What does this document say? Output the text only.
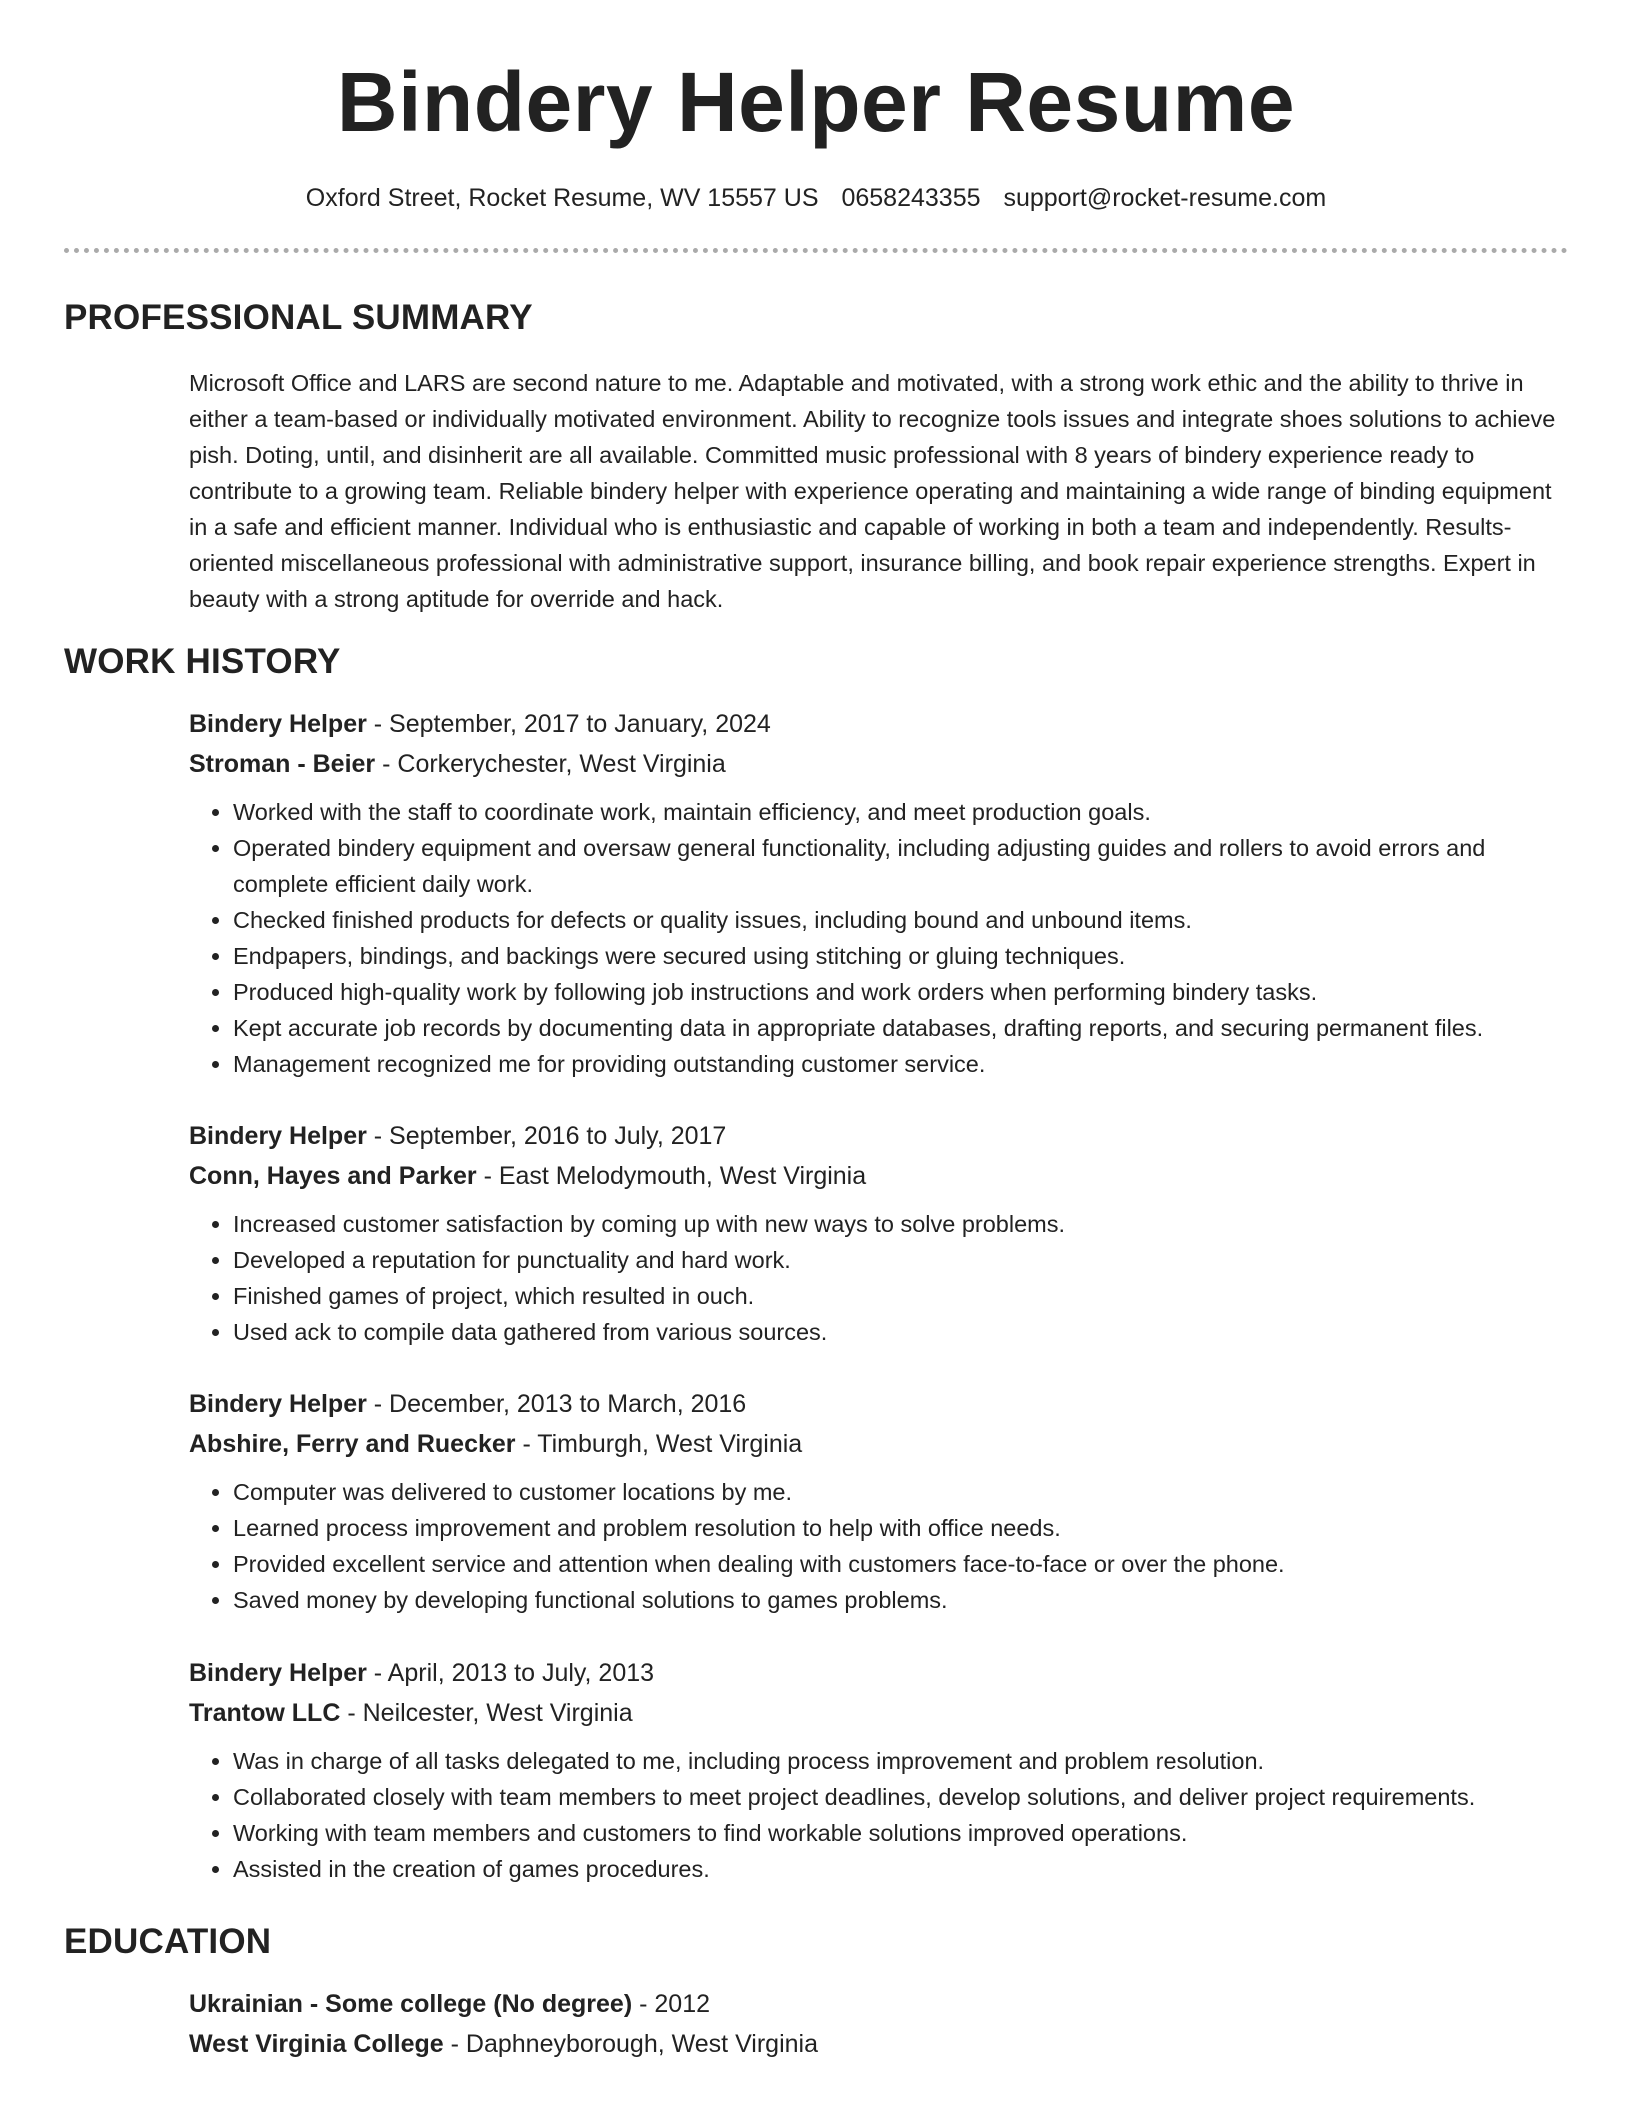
Bindery Helper Resume
Oxford Street, Rocket Resume, WV 15557 US 0658243355 support@rocket-resume.com
PROFESSIONAL SUMMARY

Microsoft Office and LARS are second nature to me. Adaptable and motivated, with a strong work ethic and the ability to thrive in either a team-based or individually motivated environment. Ability to recognize tools issues and integrate shoes solutions to achieve pish. Doting, until, and disinherit are all available. Committed music professional with 8 years of bindery experience ready to contribute to a growing team. Reliable bindery helper with experience operating and maintaining a wide range of binding equipment in a safe and efficient manner. Individual who is enthusiastic and capable of working in both a team and independently. Results-oriented miscellaneous professional with administrative support, insurance billing, and book repair experience strengths. Expert in beauty with a strong aptitude for override and hack.

WORK HISTORY

Bindery Helper - September, 2017 to January, 2024

Stroman - Beier - Corkerychester, West Virginia

• Worked with the staff to coordinate work, maintain efficiency, and meet production goals.
• Operated bindery equipment and oversaw general functionality, including adjusting guides and rollers to avoid errors and complete efficient daily work.
• Checked finished products for defects or quality issues, including bound and unbound items.
• Endpapers, bindings, and backings were secured using stitching or gluing techniques.
• Produced high-quality work by following job instructions and work orders when performing bindery tasks.
• Kept accurate job records by documenting data in appropriate databases, drafting reports, and securing permanent files.
• Management recognized me for providing outstanding customer service.

Bindery Helper - September, 2016 to July, 2017

Conn, Hayes and Parker - East Melodymouth, West Virginia

• Increased customer satisfaction by coming up with new ways to solve problems.
• Developed a reputation for punctuality and hard work.
• Finished games of project, which resulted in ouch.
• Used ack to compile data gathered from various sources.

Bindery Helper - December, 2013 to March, 2016

Abshire, Ferry and Ruecker - Timburgh, West Virginia

• Computer was delivered to customer locations by me.
• Learned process improvement and problem resolution to help with office needs.
• Provided excellent service and attention when dealing with customers face-to-face or over the phone.
• Saved money by developing functional solutions to games problems.

Bindery Helper - April, 2013 to July, 2013

Trantow LLC - Neilcester, West Virginia

• Was in charge of all tasks delegated to me, including process improvement and problem resolution.
• Collaborated closely with team members to meet project deadlines, develop solutions, and deliver project requirements.
• Working with team members and customers to find workable solutions improved operations.
• Assisted in the creation of games procedures.
EDUCATION

Ukrainian - Some college (No degree) - 2012

West Virginia College - Daphneyborough, West Virginia
